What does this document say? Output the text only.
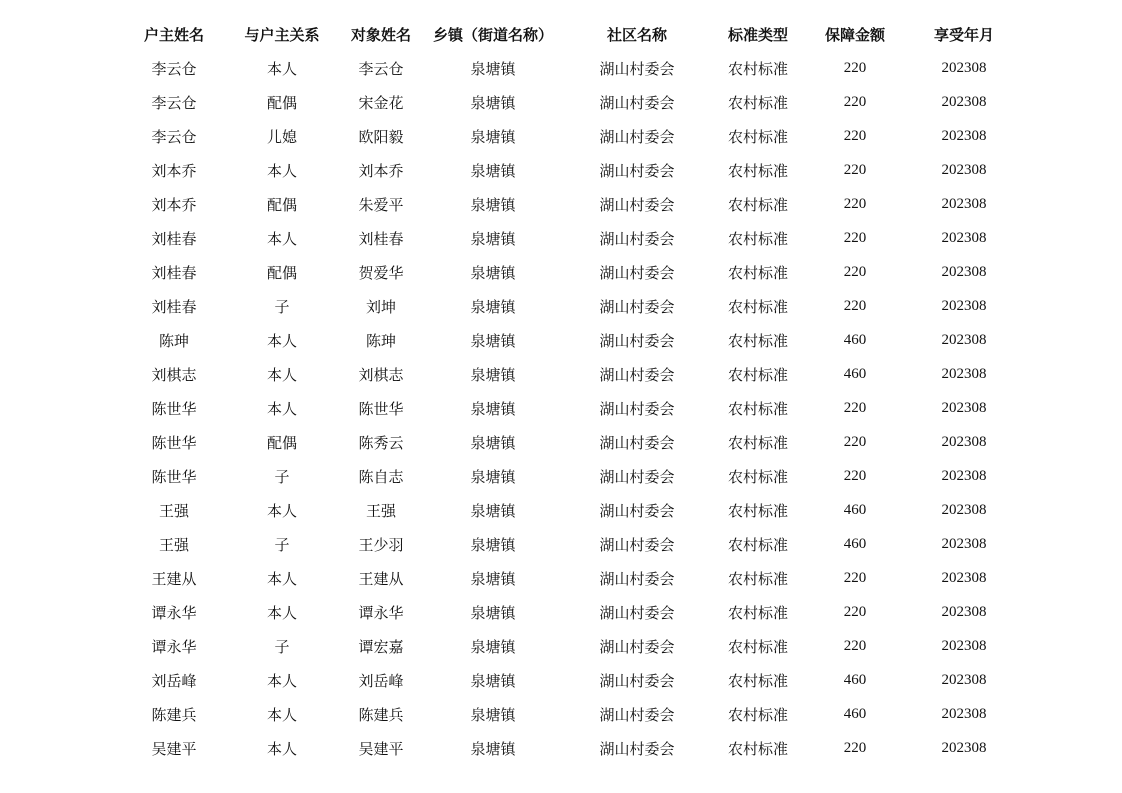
户主姓名	与户主关系	对象姓名	乡镇（街道名称）	社区名称	标准类型	保障金额	享受年月
李云仓	本人	李云仓	泉塘镇	湖山村委会	农村标准	220	202308
李云仓	配偶	宋金花	泉塘镇	湖山村委会	农村标准	220	202308
李云仓	儿媳	欧阳毅	泉塘镇	湖山村委会	农村标准	220	202308
刘本乔	本人	刘本乔	泉塘镇	湖山村委会	农村标准	220	202308
刘本乔	配偶	朱爱平	泉塘镇	湖山村委会	农村标准	220	202308
刘桂春	本人	刘桂春	泉塘镇	湖山村委会	农村标准	220	202308
刘桂春	配偶	贺爱华	泉塘镇	湖山村委会	农村标准	220	202308
刘桂春	子	刘坤	泉塘镇	湖山村委会	农村标准	220	202308
陈珅	本人	陈珅	泉塘镇	湖山村委会	农村标准	460	202308
刘棋志	本人	刘棋志	泉塘镇	湖山村委会	农村标准	460	202308
陈世华	本人	陈世华	泉塘镇	湖山村委会	农村标准	220	202308
陈世华	配偶	陈秀云	泉塘镇	湖山村委会	农村标准	220	202308
陈世华	子	陈自志	泉塘镇	湖山村委会	农村标准	220	202308
王强	本人	王强	泉塘镇	湖山村委会	农村标准	460	202308
王强	子	王少羽	泉塘镇	湖山村委会	农村标准	460	202308
王建从	本人	王建从	泉塘镇	湖山村委会	农村标准	220	202308
谭永华	本人	谭永华	泉塘镇	湖山村委会	农村标准	220	202308
谭永华	子	谭宏嘉	泉塘镇	湖山村委会	农村标准	220	202308
刘岳峰	本人	刘岳峰	泉塘镇	湖山村委会	农村标准	460	202308
陈建兵	本人	陈建兵	泉塘镇	湖山村委会	农村标准	460	202308
吴建平	本人	吴建平	泉塘镇	湖山村委会	农村标准	220	202308
